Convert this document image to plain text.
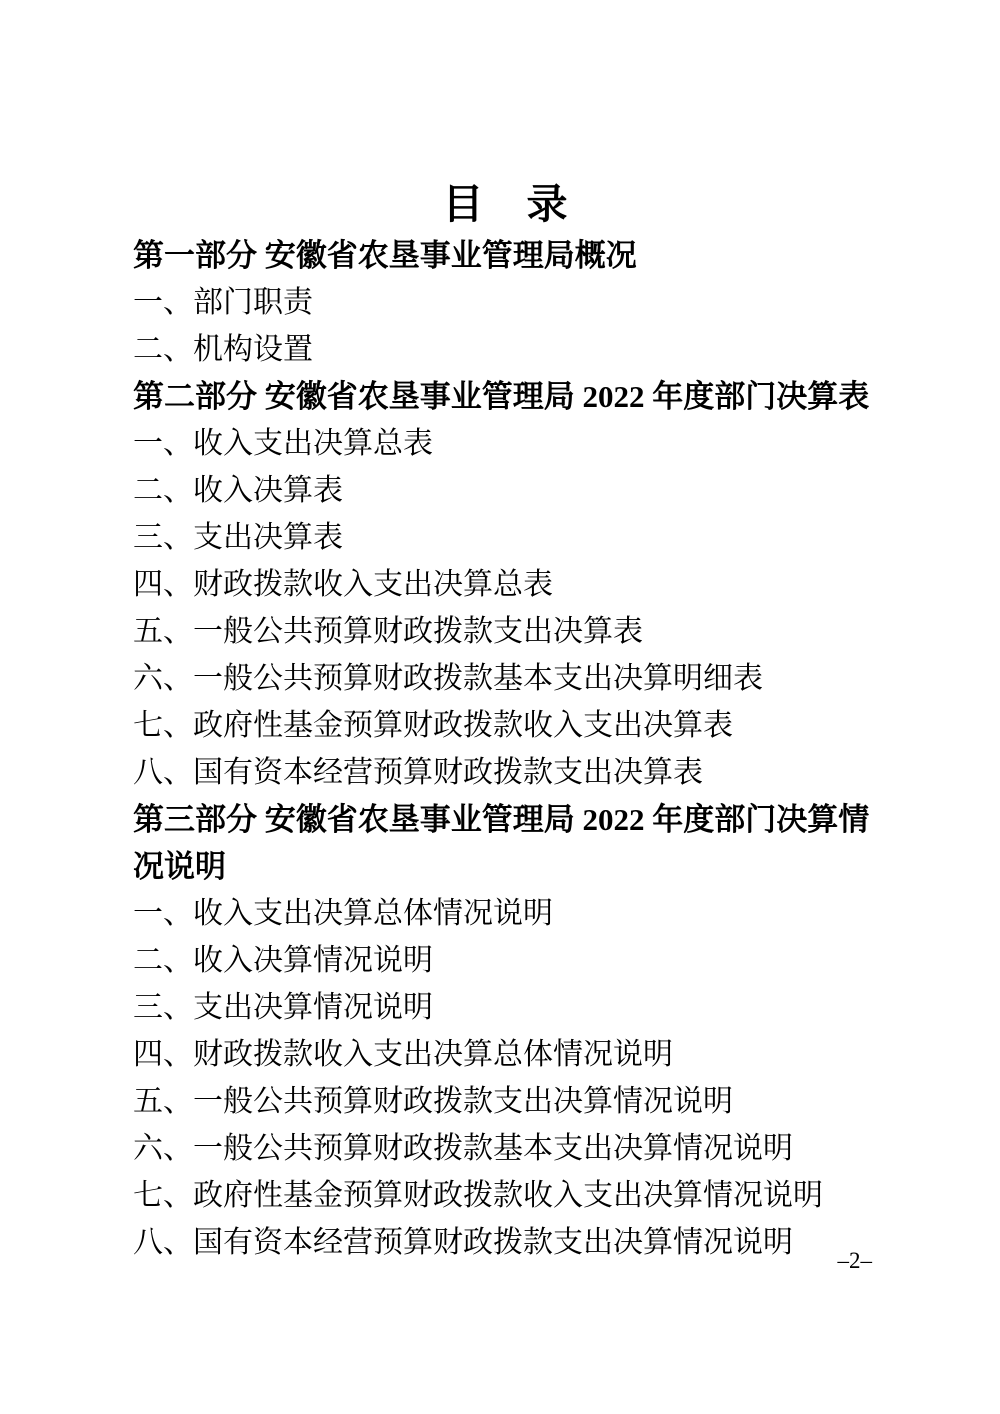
目　录
第一部分 安徽省农垦事业管理局概况
一、部门职责
二、机构设置
第二部分 安徽省农垦事业管理局 2022 年度部门决算表
一、收入支出决算总表
二、收入决算表
三、支出决算表
四、财政拨款收入支出决算总表
五、一般公共预算财政拨款支出决算表
六、一般公共预算财政拨款基本支出决算明细表
七、政府性基金预算财政拨款收入支出决算表
八、国有资本经营预算财政拨款支出决算表
第三部分 安徽省农垦事业管理局 2022 年度部门决算情况说明
一、收入支出决算总体情况说明
二、收入决算情况说明
三、支出决算情况说明
四、财政拨款收入支出决算总体情况说明
五、一般公共预算财政拨款支出决算情况说明
六、一般公共预算财政拨款基本支出决算情况说明
七、政府性基金预算财政拨款收入支出决算情况说明
八、国有资本经营预算财政拨款支出决算情况说明
–2–
